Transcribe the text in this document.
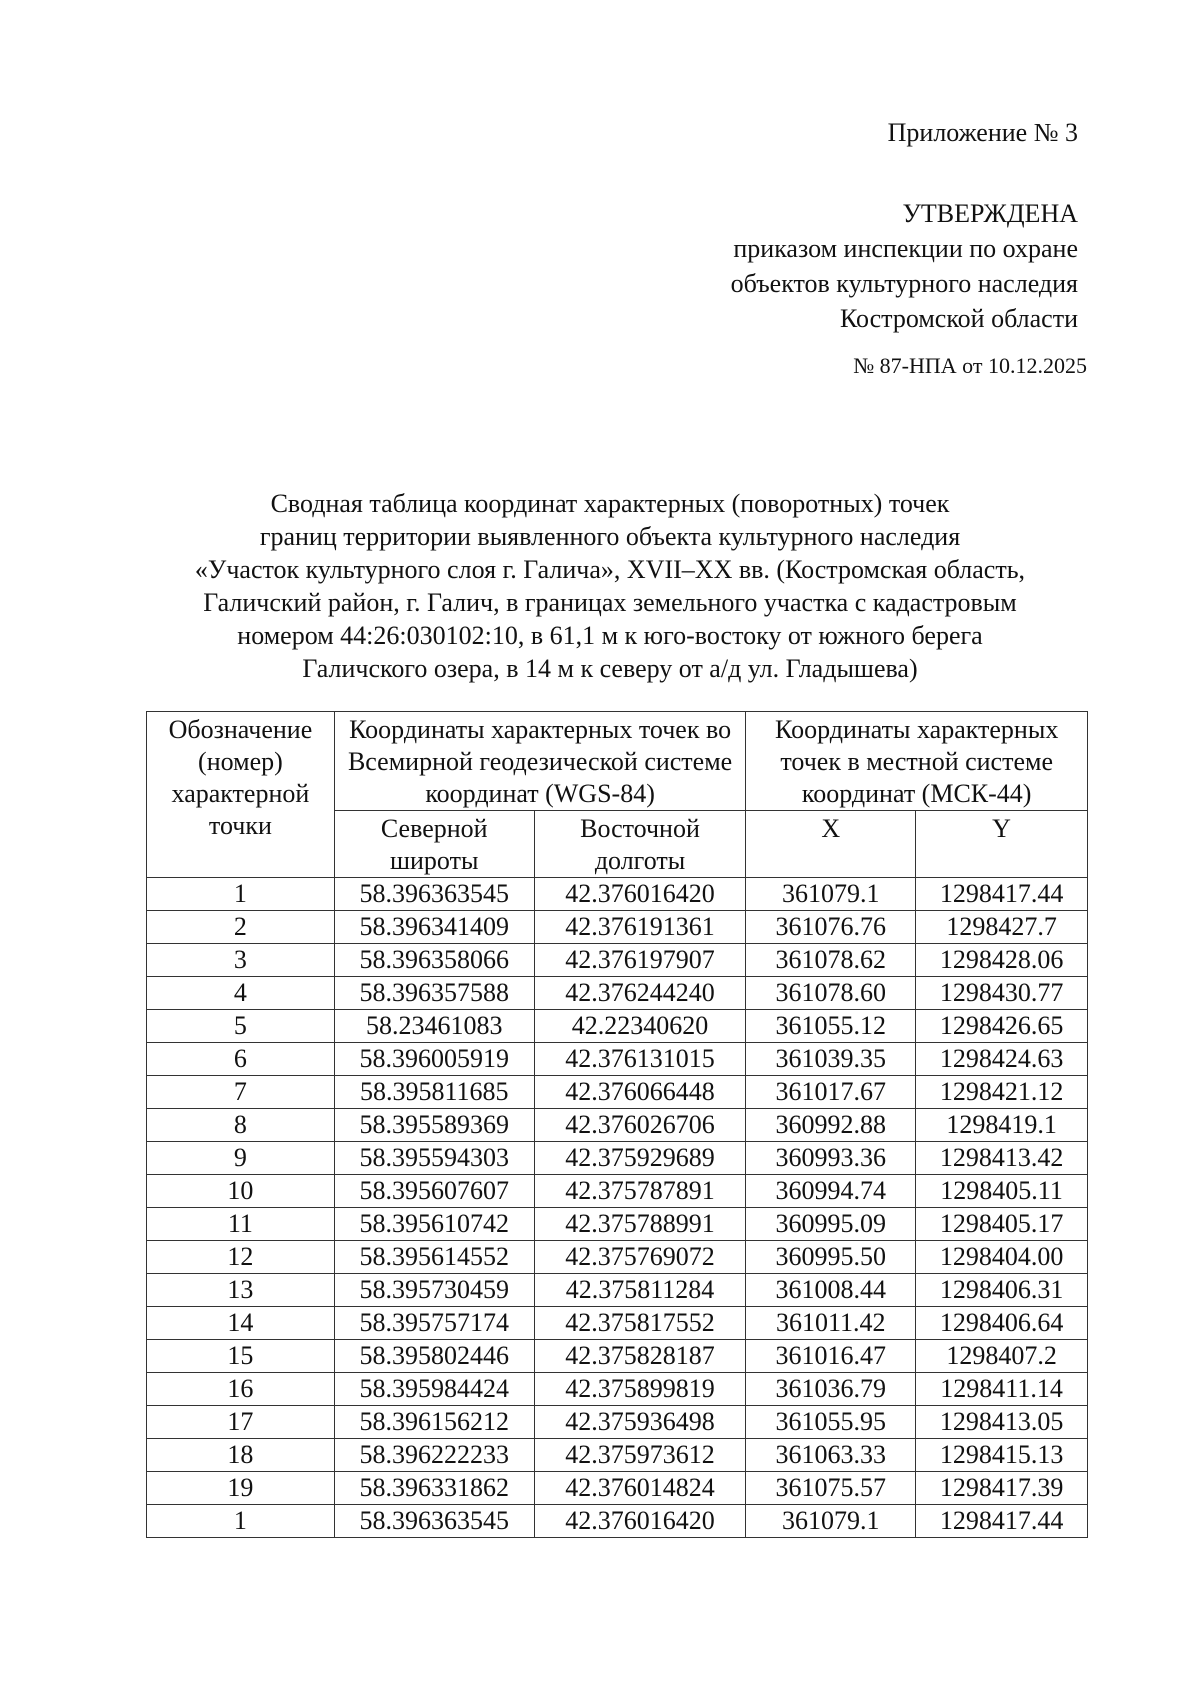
Приложение № 3
УТВЕРЖДЕНА
приказом инспекции по охране
объектов культурного наследия
Костромской области
№ 87-НПА от 10.12.2025
Сводная таблица координат характерных (поворотных) точек
границ территории выявленного объекта культурного наследия
«Участок культурного слоя г. Галича», XVII–XX вв. (Костромская область,
Галичский район, г. Галич, в границах земельного участка с кадастровым
номером 44:26:030102:10, в 61,1 м к юго-востоку от южного берега
Галичского озера, в 14 м к северу от а/д ул. Гладышева)
Обозначение (номер) характерной точки	Координаты характерных точек во Всемирной геодезической системе координат (WGS-84)		Координаты характерных точек в местной системе координат (МСК-44)	
	Северной широты	Восточной долготы	X	Y
1	58.396363545	42.376016420	361079.1	1298417.44
2	58.396341409	42.376191361	361076.76	1298427.7
3	58.396358066	42.376197907	361078.62	1298428.06
4	58.396357588	42.376244240	361078.60	1298430.77
5	58.23461083	42.22340620	361055.12	1298426.65
6	58.396005919	42.376131015	361039.35	1298424.63
7	58.395811685	42.376066448	361017.67	1298421.12
8	58.395589369	42.376026706	360992.88	1298419.1
9	58.395594303	42.375929689	360993.36	1298413.42
10	58.395607607	42.375787891	360994.74	1298405.11
11	58.395610742	42.375788991	360995.09	1298405.17
12	58.395614552	42.375769072	360995.50	1298404.00
13	58.395730459	42.375811284	361008.44	1298406.31
14	58.395757174	42.375817552	361011.42	1298406.64
15	58.395802446	42.375828187	361016.47	1298407.2
16	58.395984424	42.375899819	361036.79	1298411.14
17	58.396156212	42.375936498	361055.95	1298413.05
18	58.396222233	42.375973612	361063.33	1298415.13
19	58.396331862	42.376014824	361075.57	1298417.39
1	58.396363545	42.376016420	361079.1	1298417.44
